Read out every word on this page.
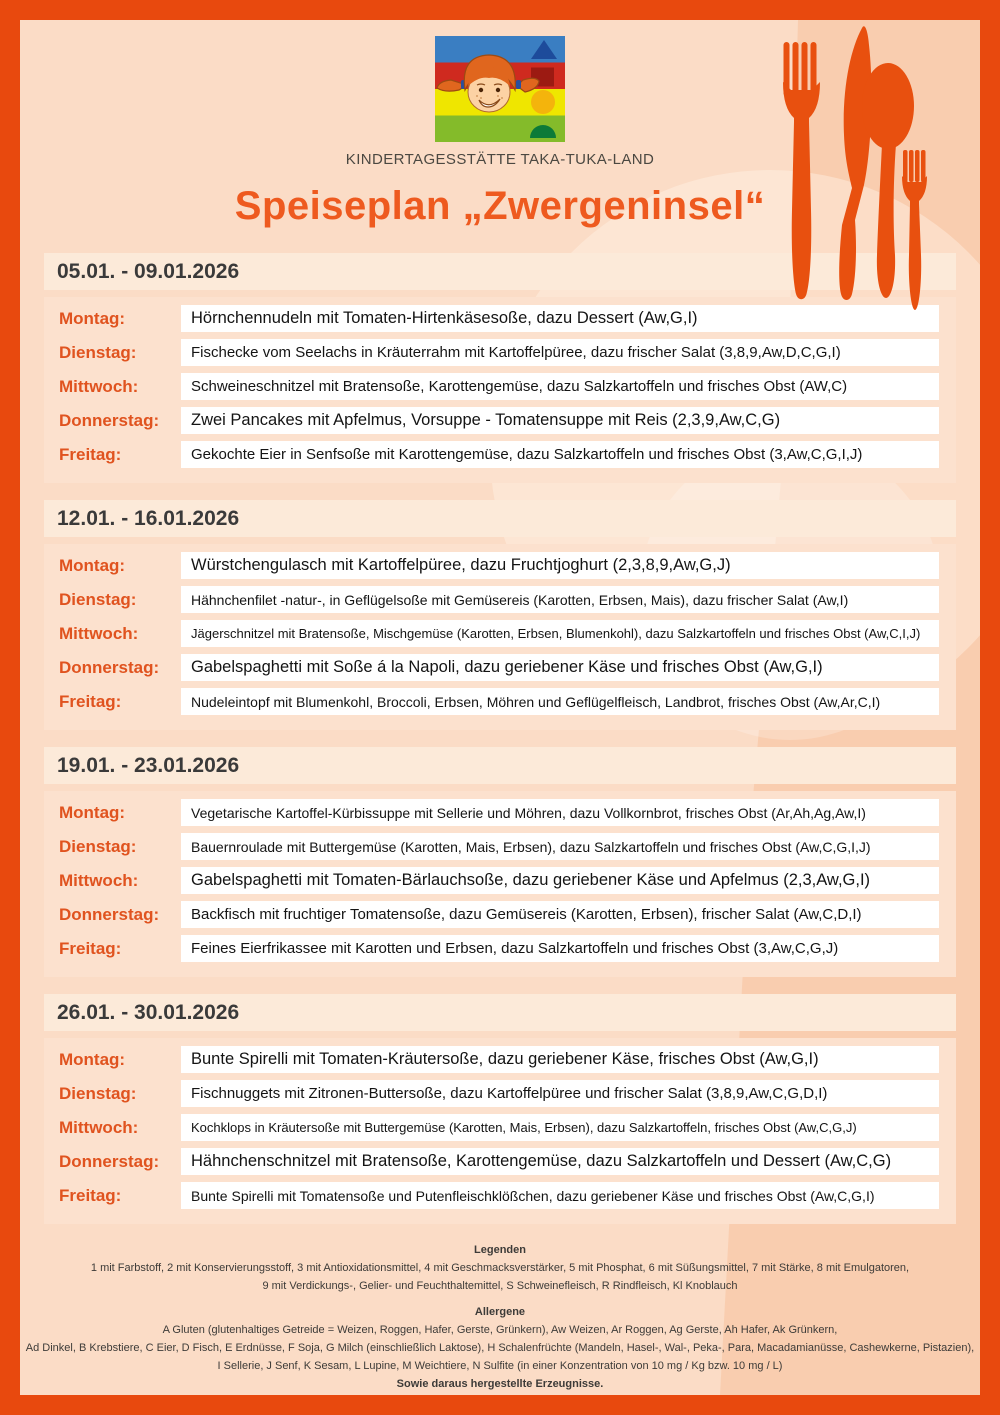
KINDERTAGESSTÄTTE TAKA-TUKA-LAND
Speiseplan „Zwergeninsel“
05.01. - 09.01.2026
Montag:	Hörnchennudeln mit Tomaten-Hirtenkäsesoße, dazu Dessert (Aw,G,I)
Dienstag:	Fischecke vom Seelachs in Kräuterrahm mit Kartoffelpüree, dazu frischer Salat (3,8,9,Aw,D,C,G,I)
Mittwoch:	Schweineschnitzel mit Bratensoße, Karottengemüse, dazu Salzkartoffeln und frisches Obst (AW,C)
Donnerstag:	Zwei Pancakes mit Apfelmus, Vorsuppe - Tomatensuppe mit Reis (2,3,9,Aw,C,G)
Freitag:	Gekochte Eier in Senfsoße mit Karottengemüse, dazu Salzkartoffeln und frisches Obst (3,Aw,C,G,I,J)
12.01. - 16.01.2026
Montag:	Würstchengulasch mit Kartoffelpüree, dazu Fruchtjoghurt (2,3,8,9,Aw,G,J)
Dienstag:	Hähnchenfilet -natur-, in Geflügelsoße mit Gemüsereis (Karotten, Erbsen, Mais), dazu frischer Salat (Aw,I)
Mittwoch:	Jägerschnitzel mit Bratensoße, Mischgemüse (Karotten, Erbsen, Blumenkohl), dazu Salzkartoffeln und frisches Obst (Aw,C,I,J)
Donnerstag:	Gabelspaghetti mit Soße á la Napoli, dazu geriebener Käse und frisches Obst (Aw,G,I)
Freitag:	Nudeleintopf mit Blumenkohl, Broccoli, Erbsen, Möhren und Geflügelfleisch, Landbrot, frisches Obst (Aw,Ar,C,I)
19.01. - 23.01.2026
Montag:	Vegetarische Kartoffel-Kürbissuppe mit Sellerie und Möhren, dazu Vollkornbrot, frisches Obst (Ar,Ah,Ag,Aw,I)
Dienstag:	Bauernroulade mit Buttergemüse (Karotten, Mais, Erbsen), dazu Salzkartoffeln und frisches Obst (Aw,C,G,I,J)
Mittwoch:	Gabelspaghetti mit Tomaten-Bärlauchsoße, dazu geriebener Käse und Apfelmus (2,3,Aw,G,I)
Donnerstag:	Backfisch mit fruchtiger Tomatensoße, dazu Gemüsereis (Karotten, Erbsen), frischer Salat (Aw,C,D,I)
Freitag:	Feines Eierfrikassee mit Karotten und Erbsen, dazu Salzkartoffeln und frisches Obst (3,Aw,C,G,J)
26.01. - 30.01.2026
Montag:	Bunte Spirelli mit Tomaten-Kräutersoße, dazu geriebener Käse, frisches Obst (Aw,G,I)
Dienstag:	Fischnuggets mit Zitronen-Buttersoße, dazu Kartoffelpüree und frischer Salat (3,8,9,Aw,C,G,D,I)
Mittwoch:	Kochklops in Kräutersoße mit Buttergemüse (Karotten, Mais, Erbsen), dazu Salzkartoffeln, frisches Obst (Aw,C,G,J)
Donnerstag:	Hähnchenschnitzel mit Bratensoße, Karottengemüse, dazu Salzkartoffeln und Dessert (Aw,C,G)
Freitag:	Bunte Spirelli mit Tomatensoße und Putenfleischklößchen, dazu geriebener Käse und frisches Obst (Aw,C,G,I)
Legenden
1 mit Farbstoff, 2 mit Konservierungsstoff, 3 mit Antioxidationsmittel, 4 mit Geschmacksverstärker, 5 mit Phosphat, 6 mit Süßungsmittel, 7 mit Stärke, 8 mit Emulgatoren,
9 mit Verdickungs-, Gelier- und Feuchthaltemittel, S Schweinefleisch, R Rindfleisch, Kl Knoblauch
Allergene
A Gluten (glutenhaltiges Getreide = Weizen, Roggen, Hafer, Gerste, Grünkern), Aw Weizen, Ar Roggen, Ag Gerste, Ah Hafer, Ak Grünkern,
Ad Dinkel, B Krebstiere, C Eier, D Fisch, E Erdnüsse, F Soja, G Milch (einschließlich Laktose), H Schalenfrüchte (Mandeln, Hasel-, Wal-, Peka-, Para, Macadamianüsse, Cashewkerne, Pistazien),
I Sellerie, J Senf, K Sesam, L Lupine, M Weichtiere, N Sulfite (in einer Konzentration von 10 mg / Kg bzw. 10 mg / L)
Sowie daraus hergestellte Erzeugnisse.
